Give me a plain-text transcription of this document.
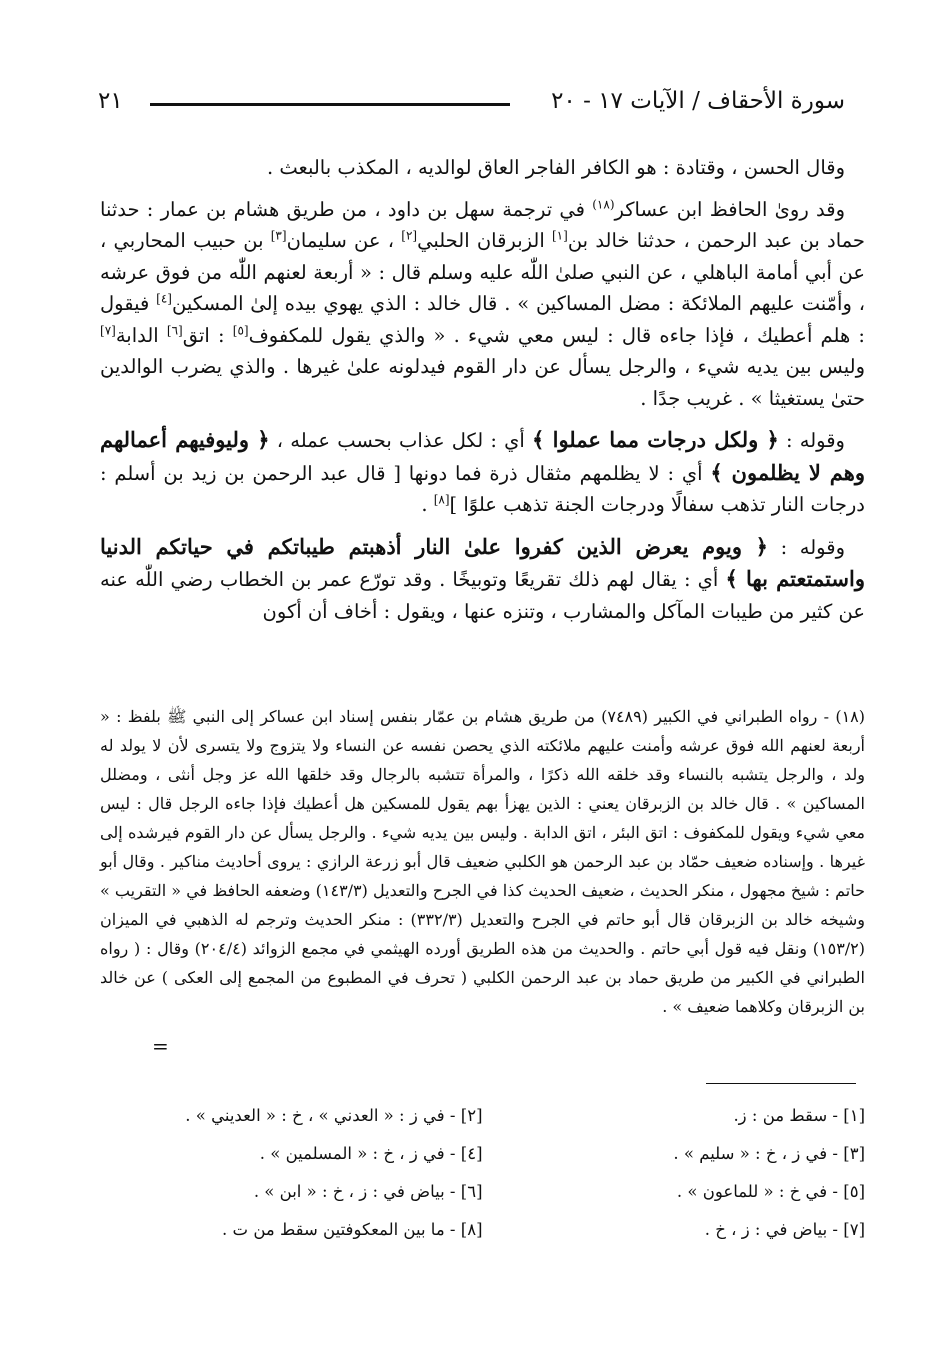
سورة الأحقاف / الآيات ١٧ - ٢٠
٢١

وقال الحسن ، وقتادة : هو الكافر الفاجر العاق لوالديه ، المكذب بالبعث .

وقد روىٰ الحافظ ابن عساكر$^{(١٨)}$ في ترجمة سهل بن داود ، من طريق هشام بن عمار : حدثنا حماد بن عبد الرحمن ، حدثنا خالد بن[١] الزبرقان الحلبي[٢] ، عن سليمان[٣] بن حبيب المحاربي ، عن أبي أمامة الباهلي ، عن النبي صلىٰ اللّٰه عليه وسلم قال : « أربعة لعنهم اللّٰه من فوق عرشه ، وأمّنت عليهم الملائكة : مضل المساكين » . قال خالد : الذي يهوي بيده إلىٰ المسكين[٤] فيقول : هلم أعطيك ، فإذا جاءه قال : ليس معي شيء . « والذي يقول للمكفوف[٥] : اتق[٦] الدابة[٧] وليس بين يديه شيء ، والرجل يسأل عن دار القوم فيدلونه علىٰ غيرها . والذي يضرب الوالدين حتىٰ يستغيثا » . غريب جدًا .

وقوله : ﴿ ولكل درجات مما عملوا ﴾ أي : لكل عذاب بحسب عمله ، ﴿ وليوفيهم أعمالهم وهم لا يظلمون ﴾ أي : لا يظلمهم مثقال ذرة فما دونها [ قال عبد الرحمن بن زيد بن أسلم : درجات النار تذهب سفالًا ودرجات الجنة تذهب علوًا ][٨] .

وقوله : ﴿ ويوم يعرض الذين كفروا علىٰ النار أذهبتم طيباتكم في حياتكم الدنيا واستمتعتم بها ﴾ أي : يقال لهم ذلك تقريعًا وتوبيخًا . وقد تورّع عمر بن الخطاب رضي اللّٰه عنه عن كثير من طيبات المآكل والمشارب ، وتنزه عنها ، ويقول : أخاف أن أكون

(١٨) - رواه الطبراني في الكبير (٧٤٨٩) من طريق هشام بن عمّار بنفس إسناد ابن عساكر إلى النبي ﷺ بلفظ : « أربعة لعنهم الله فوق عرشه وأمنت عليهم ملائكته الذي يحصن نفسه عن النساء ولا يتزوج ولا يتسرى لأن لا يولد له ولد ، والرجل يتشبه بالنساء وقد خلقه الله ذكرًا ، والمرأة تتشبه بالرجال وقد خلقها الله عز وجل أنثى ، ومضلل المساكين » . قال خالد بن الزبرقان يعني : الذين يهزأ بهم يقول للمسكين هل أعطيك فإذا جاءه الرجل قال : ليس معي شيء ويقول للمكفوف : اتق البئر ، اتق الدابة . وليس بين يديه شيء . والرجل يسأل عن دار القوم فيرشده إلى غيرها . وإسناده ضعيف حمّاد بن عبد الرحمن هو الكلبي ضعيف قال أبو زرعة الرازي : يروى أحاديث مناكير . وقال أبو حاتم : شيخ مجهول ، منكر الحديث ، ضعيف الحديث كذا في الجرح والتعديل (١٤٣/٣) وضعفه الحافظ في « التقريب » وشيخه خالد بن الزبرقان قال أبو حاتم في الجرح والتعديل (٣٣٢/٣) : منكر الحديث وترجم له الذهبي في الميزان (١٥٣/٢) ونقل فيه قول أبي حاتم . والحديث من هذه الطريق أورده الهيثمي في مجمع الزوائد (٢٠٤/٤) وقال : ( رواه الطبراني في الكبير من طريق حماد بن عبد الرحمن الكلبي ( تحرف في المطبوع من المجمع إلى العكى ) عن خالد بن الزبرقان وكلاهما ضعيف » .

=
[١] - سقط من : ز.
[٢] - في ز : « العدني » ، خ : « العديني » .
[٣] - في ز ، خ : « سليم » .
[٤] - في ز ، خ : « المسلمين » .
[٥] - في خ : « للماعون » .
[٦] - بياض في : ز ، خ : « ابن » .
[٧] - بياض في : ز ، خ .
[٨] - ما بين المعكوفتين سقط من ت .
